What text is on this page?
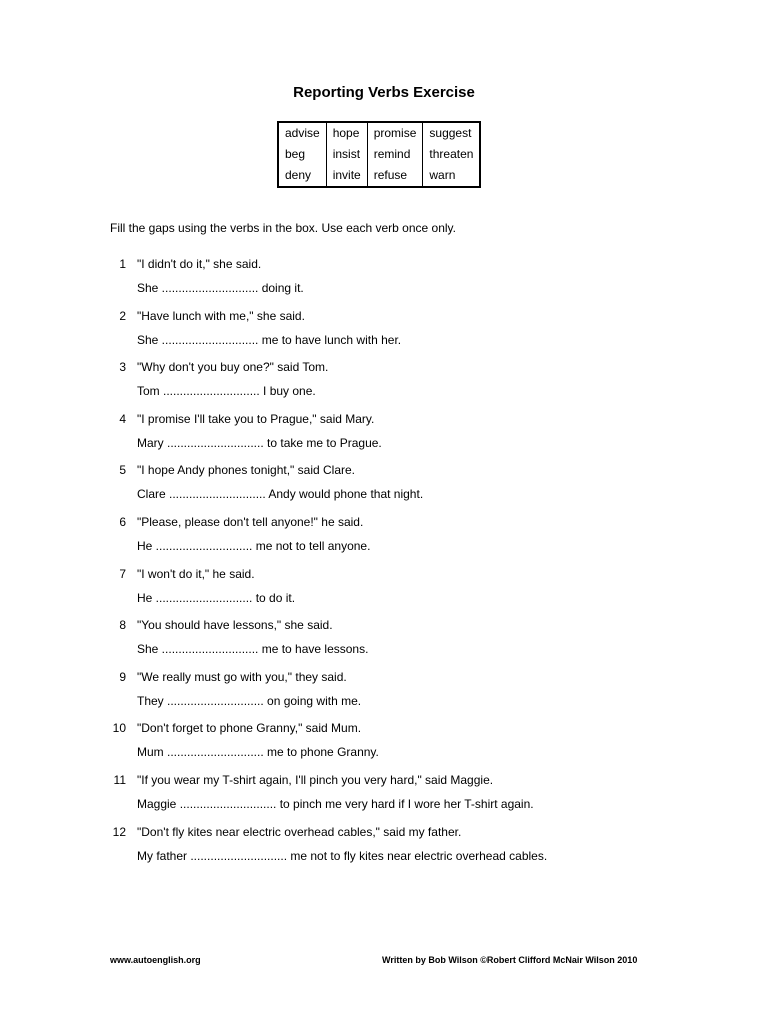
Reporting Verbs Exercise
advise	hope	promise	suggest
beg	insist	remind	threaten
deny	invite	refuse	warn
Fill the gaps using the verbs in the box. Use each verb once only.
1 "I didn't do it," she said.
She ............................. doing it.
2 "Have lunch with me," she said.
She ............................. me to have lunch with her.
3 "Why don't you buy one?" said Tom.
Tom ............................. I buy one.
4 "I promise I'll take you to Prague," said Mary.
Mary ............................. to take me to Prague.
5 "I hope Andy phones tonight," said Clare.
Clare ............................. Andy would phone that night.
6 "Please, please don't tell anyone!" he said.
He ............................. me not to tell anyone.
7 "I won't do it," he said.
He ............................. to do it.
8 "You should have lessons," she said.
She ............................. me to have lessons.
9 "We really must go with you," they said.
They ............................. on going with me.
10 "Don't forget to phone Granny," said Mum.
Mum ............................. me to phone Granny.
11 "If you wear my T-shirt again, I'll pinch you very hard," said Maggie.
Maggie ............................. to pinch me very hard if I wore her T-shirt again.
12 "Don't fly kites near electric overhead cables," said my father.
My father ............................. me not to fly kites near electric overhead cables.
www.autoenglish.org	Written by Bob Wilson ©Robert Clifford McNair Wilson 2010
